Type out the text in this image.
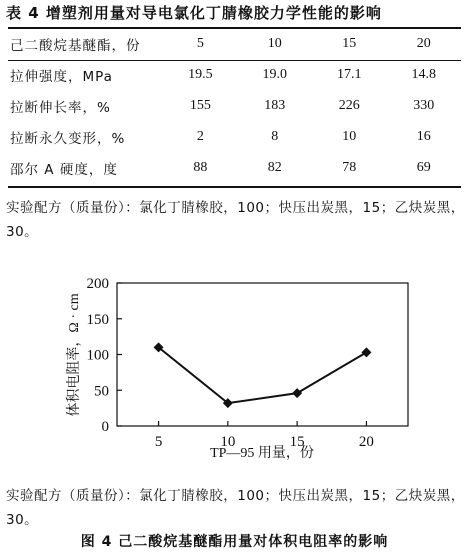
表 4 增塑剂用量对导电氯化丁腈橡胶力学性能的影响
己二酸烷基醚酯，份	5	10	15	20
拉伸强度，MPa	19.5	19.0	17.1	14.8
拉断伸长率，%	155	183	226	330
拉断永久变形，%	2	8	10	16
邵尔 A 硬度，度	88	82	78	69
实验配方（质量份）：氯化丁腈橡胶，100；快压出炭黑，15；乙炔炭黑，30。
0
50
100
150
200
5	10	15	20
TP—95 用量，份
体积电阻率，Ω · cm
实验配方（质量份）：氯化丁腈橡胶，100；快压出炭黑，15；乙炔炭黑，30。
图 4 己二酸烷基醚酯用量对体积电阻率的影响
